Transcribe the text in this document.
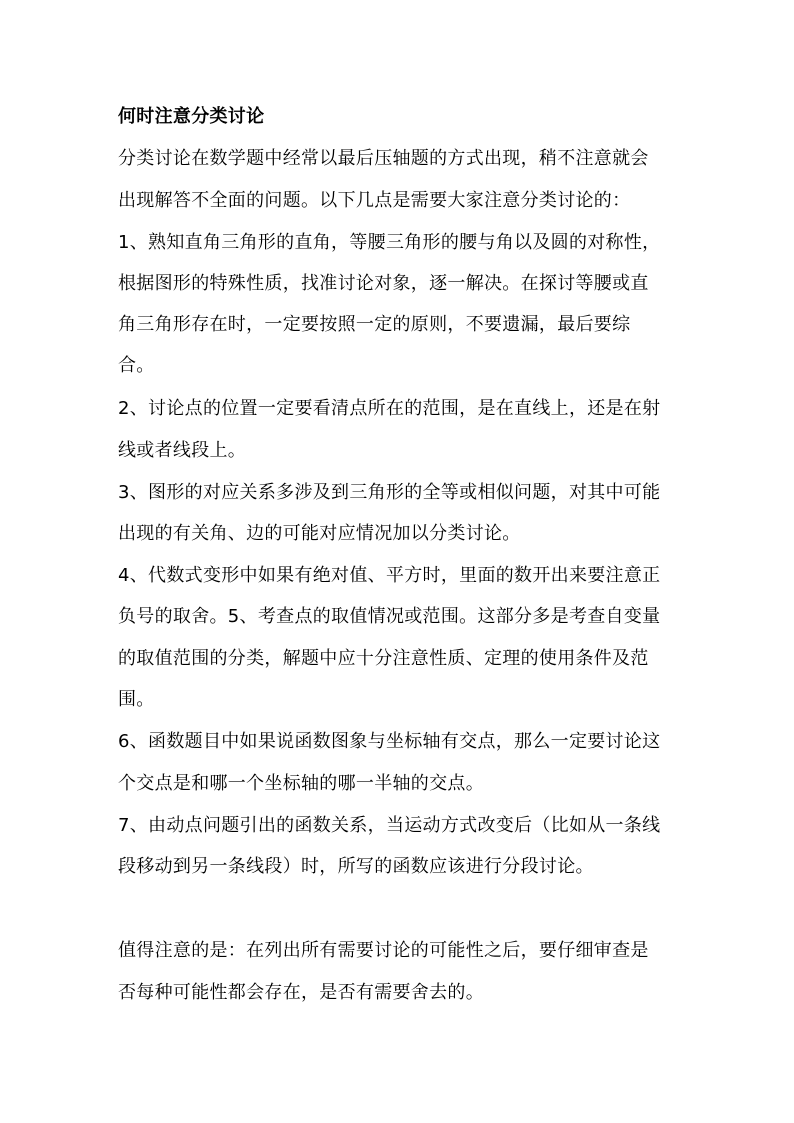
何时注意分类讨论
分类讨论在数学题中经常以最后压轴题的方式出现，稍不注意就会
出现解答不全面的问题。以下几点是需要大家注意分类讨论的：
1、熟知直角三角形的直角，等腰三角形的腰与角以及圆的对称性，
根据图形的特殊性质，找准讨论对象，逐一解决。在探讨等腰或直
角三角形存在时，一定要按照一定的原则，不要遗漏，最后要综
合。
2、讨论点的位置一定要看清点所在的范围，是在直线上，还是在射
线或者线段上。
3、图形的对应关系多涉及到三角形的全等或相似问题，对其中可能
出现的有关角、边的可能对应情况加以分类讨论。
4、代数式变形中如果有绝对值、平方时，里面的数开出来要注意正
负号的取舍。5、考查点的取值情况或范围。这部分多是考查自变量
的取值范围的分类，解题中应十分注意性质、定理的使用条件及范
围。
6、函数题目中如果说函数图象与坐标轴有交点，那么一定要讨论这
个交点是和哪一个坐标轴的哪一半轴的交点。
7、由动点问题引出的函数关系，当运动方式改变后（比如从一条线
段移动到另一条线段）时，所写的函数应该进行分段讨论。
值得注意的是：在列出所有需要讨论的可能性之后，要仔细审查是
否每种可能性都会存在，是否有需要舍去的。
